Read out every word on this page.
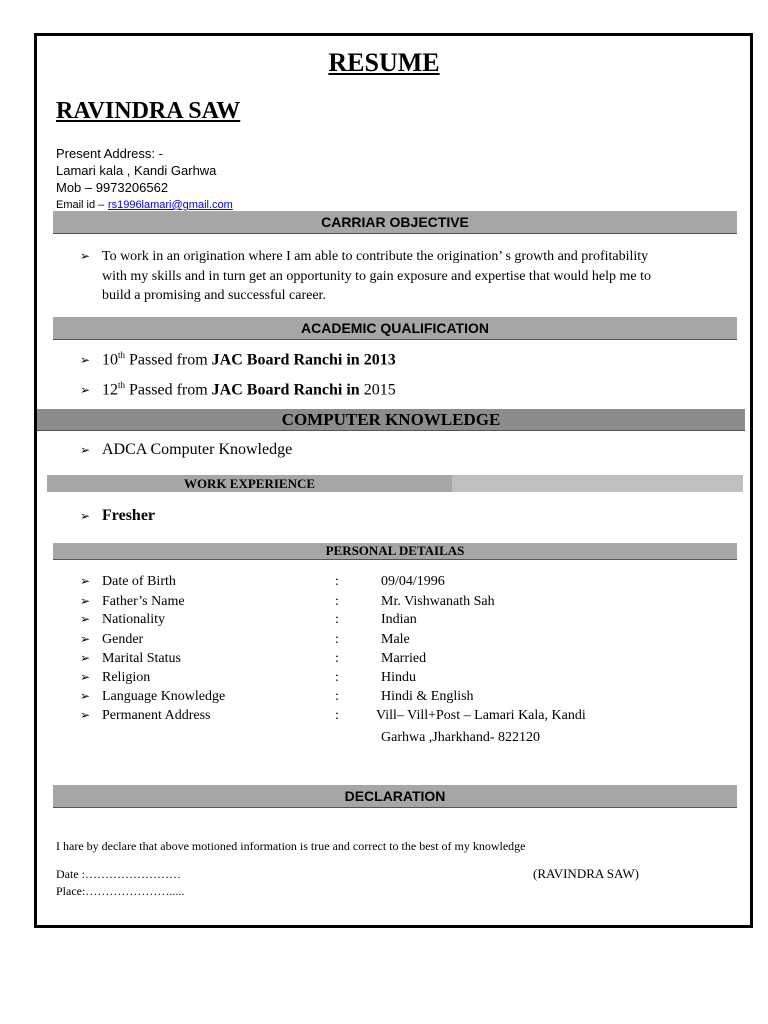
RESUME
RAVINDRA SAW
Present Address: -
Lamari kala , Kandi Garhwa
Mob – 9973206562
Email id – rs1996lamari@gmail.com
CARRIAR OBJECTIVE
➢ To work in an origination where I am able to contribute the origination’ s growth and profitability
with my skills and in turn get an opportunity to gain exposure and expertise that would help me to
build a promising and successful career.
ACADEMIC QUALIFICATION
➢ 10th Passed from JAC Board Ranchi in 2013
➢ 12th Passed from JAC Board Ranchi in 2015
COMPUTER KNOWLEDGE
➢ ADCA Computer Knowledge
WORK EXPERIENCE
➢ Fresher
PERSONAL DETAILAS
➢ Date of Birth	:	09/04/1996
➢ Father’s Name	:	Mr. Vishwanath Sah
➢ Nationality	:	Indian
➢ Gender	:	Male
➢ Marital Status	:	Married
➢ Religion	:	Hindu
➢ Language Knowledge	:	Hindi & English
➢ Permanent Address	:	Vill– Vill+Post – Lamari Kala, Kandi
Garhwa ,Jharkhand- 822120
DECLARATION
I hare by declare that above motioned information is true and correct to the best of my knowledge
Date :……………………
Place:………………….....
(RAVINDRA SAW)
